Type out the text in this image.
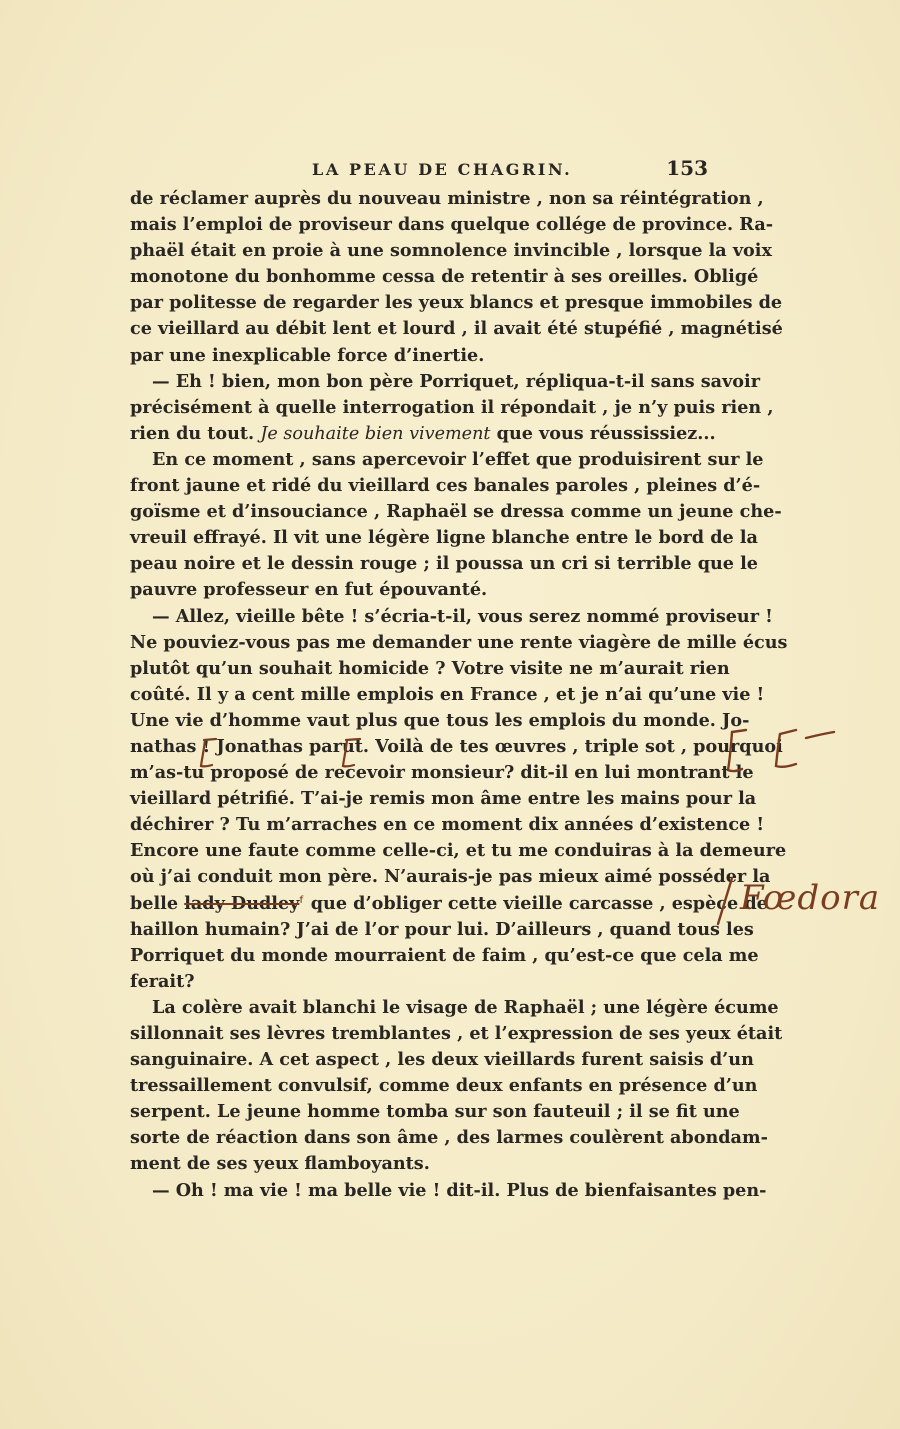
LA PEAU DE CHAGRIN.	153
de réclamer auprès du nouveau ministre , non sa réintégration ,
mais l’emploi de proviseur dans quelque collége de province. Ra-
phaël était en proie à une somnolence invincible , lorsque la voix
monotone du bonhomme cessa de retentir à ses oreilles. Obligé
par politesse de regarder les yeux blancs et presque immobiles de
ce vieillard au débit lent et lourd , il avait été stupéfié , magnétisé
par une inexplicable force d’inertie.
— Eh ! bien, mon bon père Porriquet, répliqua-t-il sans savoir
précisément à quelle interrogation il répondait , je n’y puis rien ,
rien du tout. Je souhaite bien vivement que vous réussissiez...
En ce moment , sans apercevoir l’effet que produisirent sur le
front jaune et ridé du vieillard ces banales paroles , pleines d’é-
goïsme et d’insouciance , Raphaël se dressa comme un jeune che-
vreuil effrayé. Il vit une légère ligne blanche entre le bord de la
peau noire et le dessin rouge ; il poussa un cri si terrible que le
pauvre professeur en fut épouvanté.
— Allez, vieille bête ! s’écria-t-il, vous serez nommé proviseur !
Ne pouviez-vous pas me demander une rente viagère de mille écus
plutôt qu’un souhait homicide ? Votre visite ne m’aurait rien
coûté. Il y a cent mille emplois en France , et je n’ai qu’une vie !
Une vie d’homme vaut plus que tous les emplois du monde. Jo-
nathas ! Jonathas parut. Voilà de tes œuvres , triple sot , pourquoi
m’as-tu proposé de recevoir monsieur? dit-il en lui montrant le
vieillard pétrifié. T’ai-je remis mon âme entre les mains pour la
déchirer ? Tu m’arraches en ce moment dix années d’existence !
Encore une faute comme celle-ci, et tu me conduiras à la demeure
où j’ai conduit mon père. N’aurais-je pas mieux aimé posséder la
belle lady Dudleyᶠ que d’obliger cette vieille carcasse , espèce de
haillon humain? J’ai de l’or pour lui. D’ailleurs , quand tous les
Porriquet du monde mourraient de faim , qu’est-ce que cela me
ferait?
La colère avait blanchi le visage de Raphaël ; une légère écume
sillonnait ses lèvres tremblantes , et l’expression de ses yeux était
sanguinaire. A cet aspect , les deux vieillards furent saisis d’un
tressaillement convulsif, comme deux enfants en présence d’un
serpent. Le jeune homme tomba sur son fauteuil ; il se fit une
sorte de réaction dans son âme , des larmes coulèrent abondam-
ment de ses yeux flamboyants.
— Oh ! ma vie ! ma belle vie ! dit-il. Plus de bienfaisantes pen-
Fœdora
